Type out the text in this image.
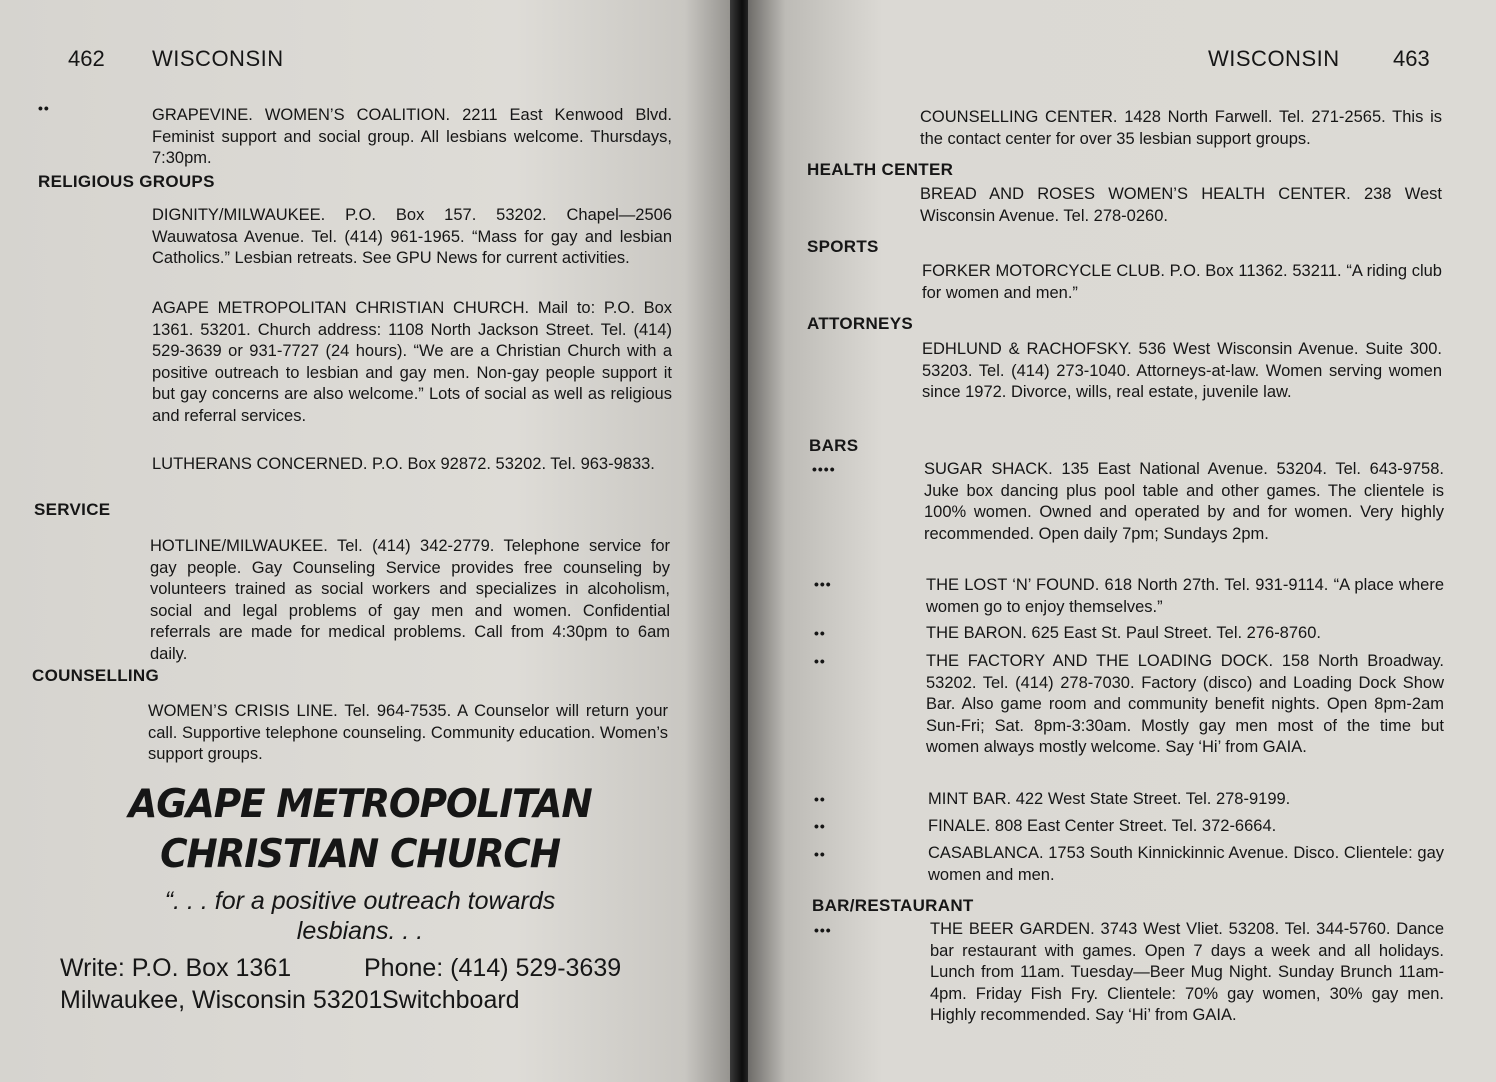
462 WISCONSIN
••	GRAPEVINE. WOMEN’S COALITION. 2211 East Kenwood Blvd. Feminist support and social group. All lesbians welcome. Thursdays, 7:30pm.
RELIGIOUS GROUPS
DIGNITY/MILWAUKEE. P.O. Box 157. 53202. Chapel—2506 Wauwatosa Avenue. Tel. (414) 961-1965. “Mass for gay and lesbian Catholics.” Lesbian retreats. See GPU News for current activities.
AGAPE METROPOLITAN CHRISTIAN CHURCH. Mail to: P.O. Box 1361. 53201. Church address: 1108 North Jackson Street. Tel. (414) 529-3639 or 931-7727 (24 hours). “We are a Christian Church with a positive outreach to lesbian and gay men. Non-gay people support it but gay concerns are also welcome.” Lots of social as well as religious and referral services.
LUTHERANS CONCERNED. P.O. Box 92872. 53202. Tel. 963-9833.
SERVICE
HOTLINE/MILWAUKEE. Tel. (414) 342-2779. Telephone service for gay people. Gay Counseling Service provides free counseling by volunteers trained as social workers and specializes in alcoholism, social and legal problems of gay men and women. Confidential referrals are made for medical problems. Call from 4:30pm to 6am daily.
COUNSELLING
WOMEN’S CRISIS LINE. Tel. 964-7535. A Counselor will return your call. Supportive telephone counseling. Community education. Women’s support groups.
AGAPE METROPOLITAN
CHRISTIAN CHURCH
“. . . for a positive outreach towards
lesbians. . .
Write: P.O. Box 1361	Phone: (414) 529-3639
Milwaukee, Wisconsin 53201 Switchboard
WISCONSIN 463
COUNSELLING CENTER. 1428 North Farwell. Tel. 271-2565. This is the contact center for over 35 lesbian support groups.
HEALTH CENTER
BREAD AND ROSES WOMEN’S HEALTH CENTER. 238 West Wisconsin Avenue. Tel. 278-0260.
SPORTS
FORKER MOTORCYCLE CLUB. P.O. Box 11362. 53211. “A riding club for women and men.”
ATTORNEYS
EDHLUND & RACHOFSKY. 536 West Wisconsin Avenue. Suite 300. 53203. Tel. (414) 273-1040. Attorneys-at-law. Women serving women since 1972. Divorce, wills, real estate, juvenile law.
BARS
••••	SUGAR SHACK. 135 East National Avenue. 53204. Tel. 643-9758. Juke box dancing plus pool table and other games. The clientele is 100% women. Owned and operated by and for women. Very highly recommended. Open daily 7pm; Sundays 2pm.
•••	THE LOST ‘N’ FOUND. 618 North 27th. Tel. 931-9114. “A place where women go to enjoy themselves.”
••	THE BARON. 625 East St. Paul Street. Tel. 276-8760.
••	THE FACTORY AND THE LOADING DOCK. 158 North Broadway. 53202. Tel. (414) 278-7030. Factory (disco) and Loading Dock Show Bar. Also game room and community benefit nights. Open 8pm-2am Sun-Fri; Sat. 8pm-3:30am. Mostly gay men most of the time but women always mostly welcome. Say ‘Hi’ from GAIA.
••	MINT BAR. 422 West State Street. Tel. 278-9199.
••	FINALE. 808 East Center Street. Tel. 372-6664.
••	CASABLANCA. 1753 South Kinnickinnic Avenue. Disco. Clientele: gay women and men.
BAR/RESTAURANT
•••	THE BEER GARDEN. 3743 West Vliet. 53208. Tel. 344-5760. Dance bar restaurant with games. Open 7 days a week and all holidays. Lunch from 11am. Tuesday—Beer Mug Night. Sunday Brunch 11am-4pm. Friday Fish Fry. Clientele: 70% gay women, 30% gay men. Highly recommended. Say ‘Hi’ from GAIA.
